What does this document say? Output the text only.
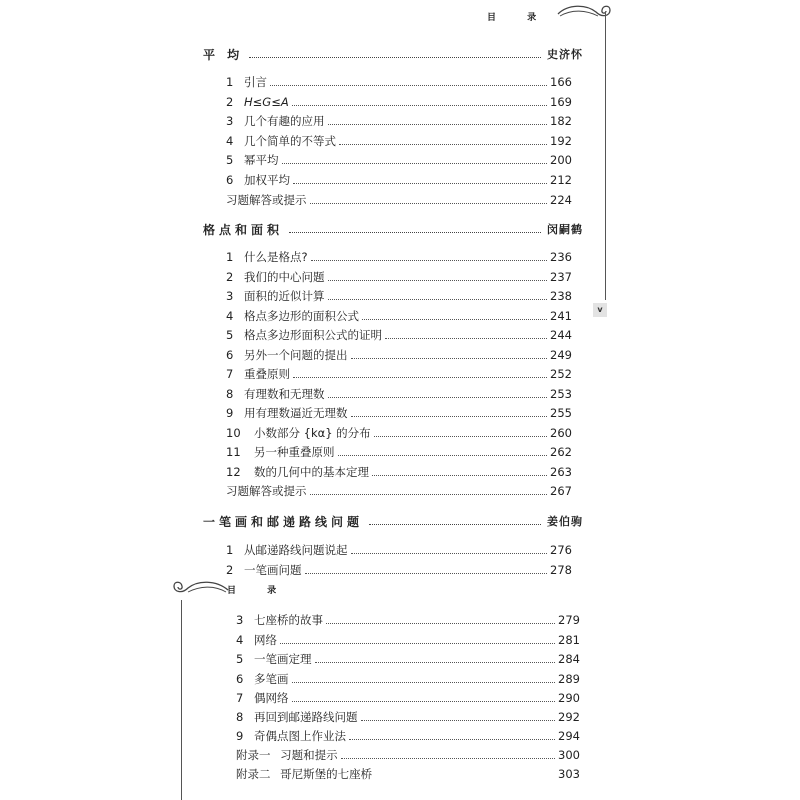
目 录
v
平 均	史济怀
1 引言	166
2 H≤G≤A	169
3 几个有趣的应用	182
4 几个简单的不等式	192
5 幂平均	200
6 加权平均	212
习题解答或提示	224
格点和面积	闵嗣鹤
1 什么是格点?	236
2 我们的中心问题	237
3 面积的近似计算	238
4 格点多边形的面积公式	241
5 格点多边形面积公式的证明	244
6 另外一个问题的提出	249
7 重叠原则	252
8 有理数和无理数	253
9 用有理数逼近无理数	255
10	小数部分 {kα} 的分布	260
11	另一种重叠原则	262
12	数的几何中的基本定理	263
习题解答或提示	267
一笔画和邮递路线问题	姜伯驹
1 从邮递路线问题说起	276
2 一笔画问题	278
目 录
3 七座桥的故事	279
4 网络	281
5 一笔画定理	284
6 多笔画	289
7 偶网络	290
8 再回到邮递路线问题	292
9 奇偶点图上作业法	294
附录一 习题和提示	300
附录二 哥尼斯堡的七座桥	303
